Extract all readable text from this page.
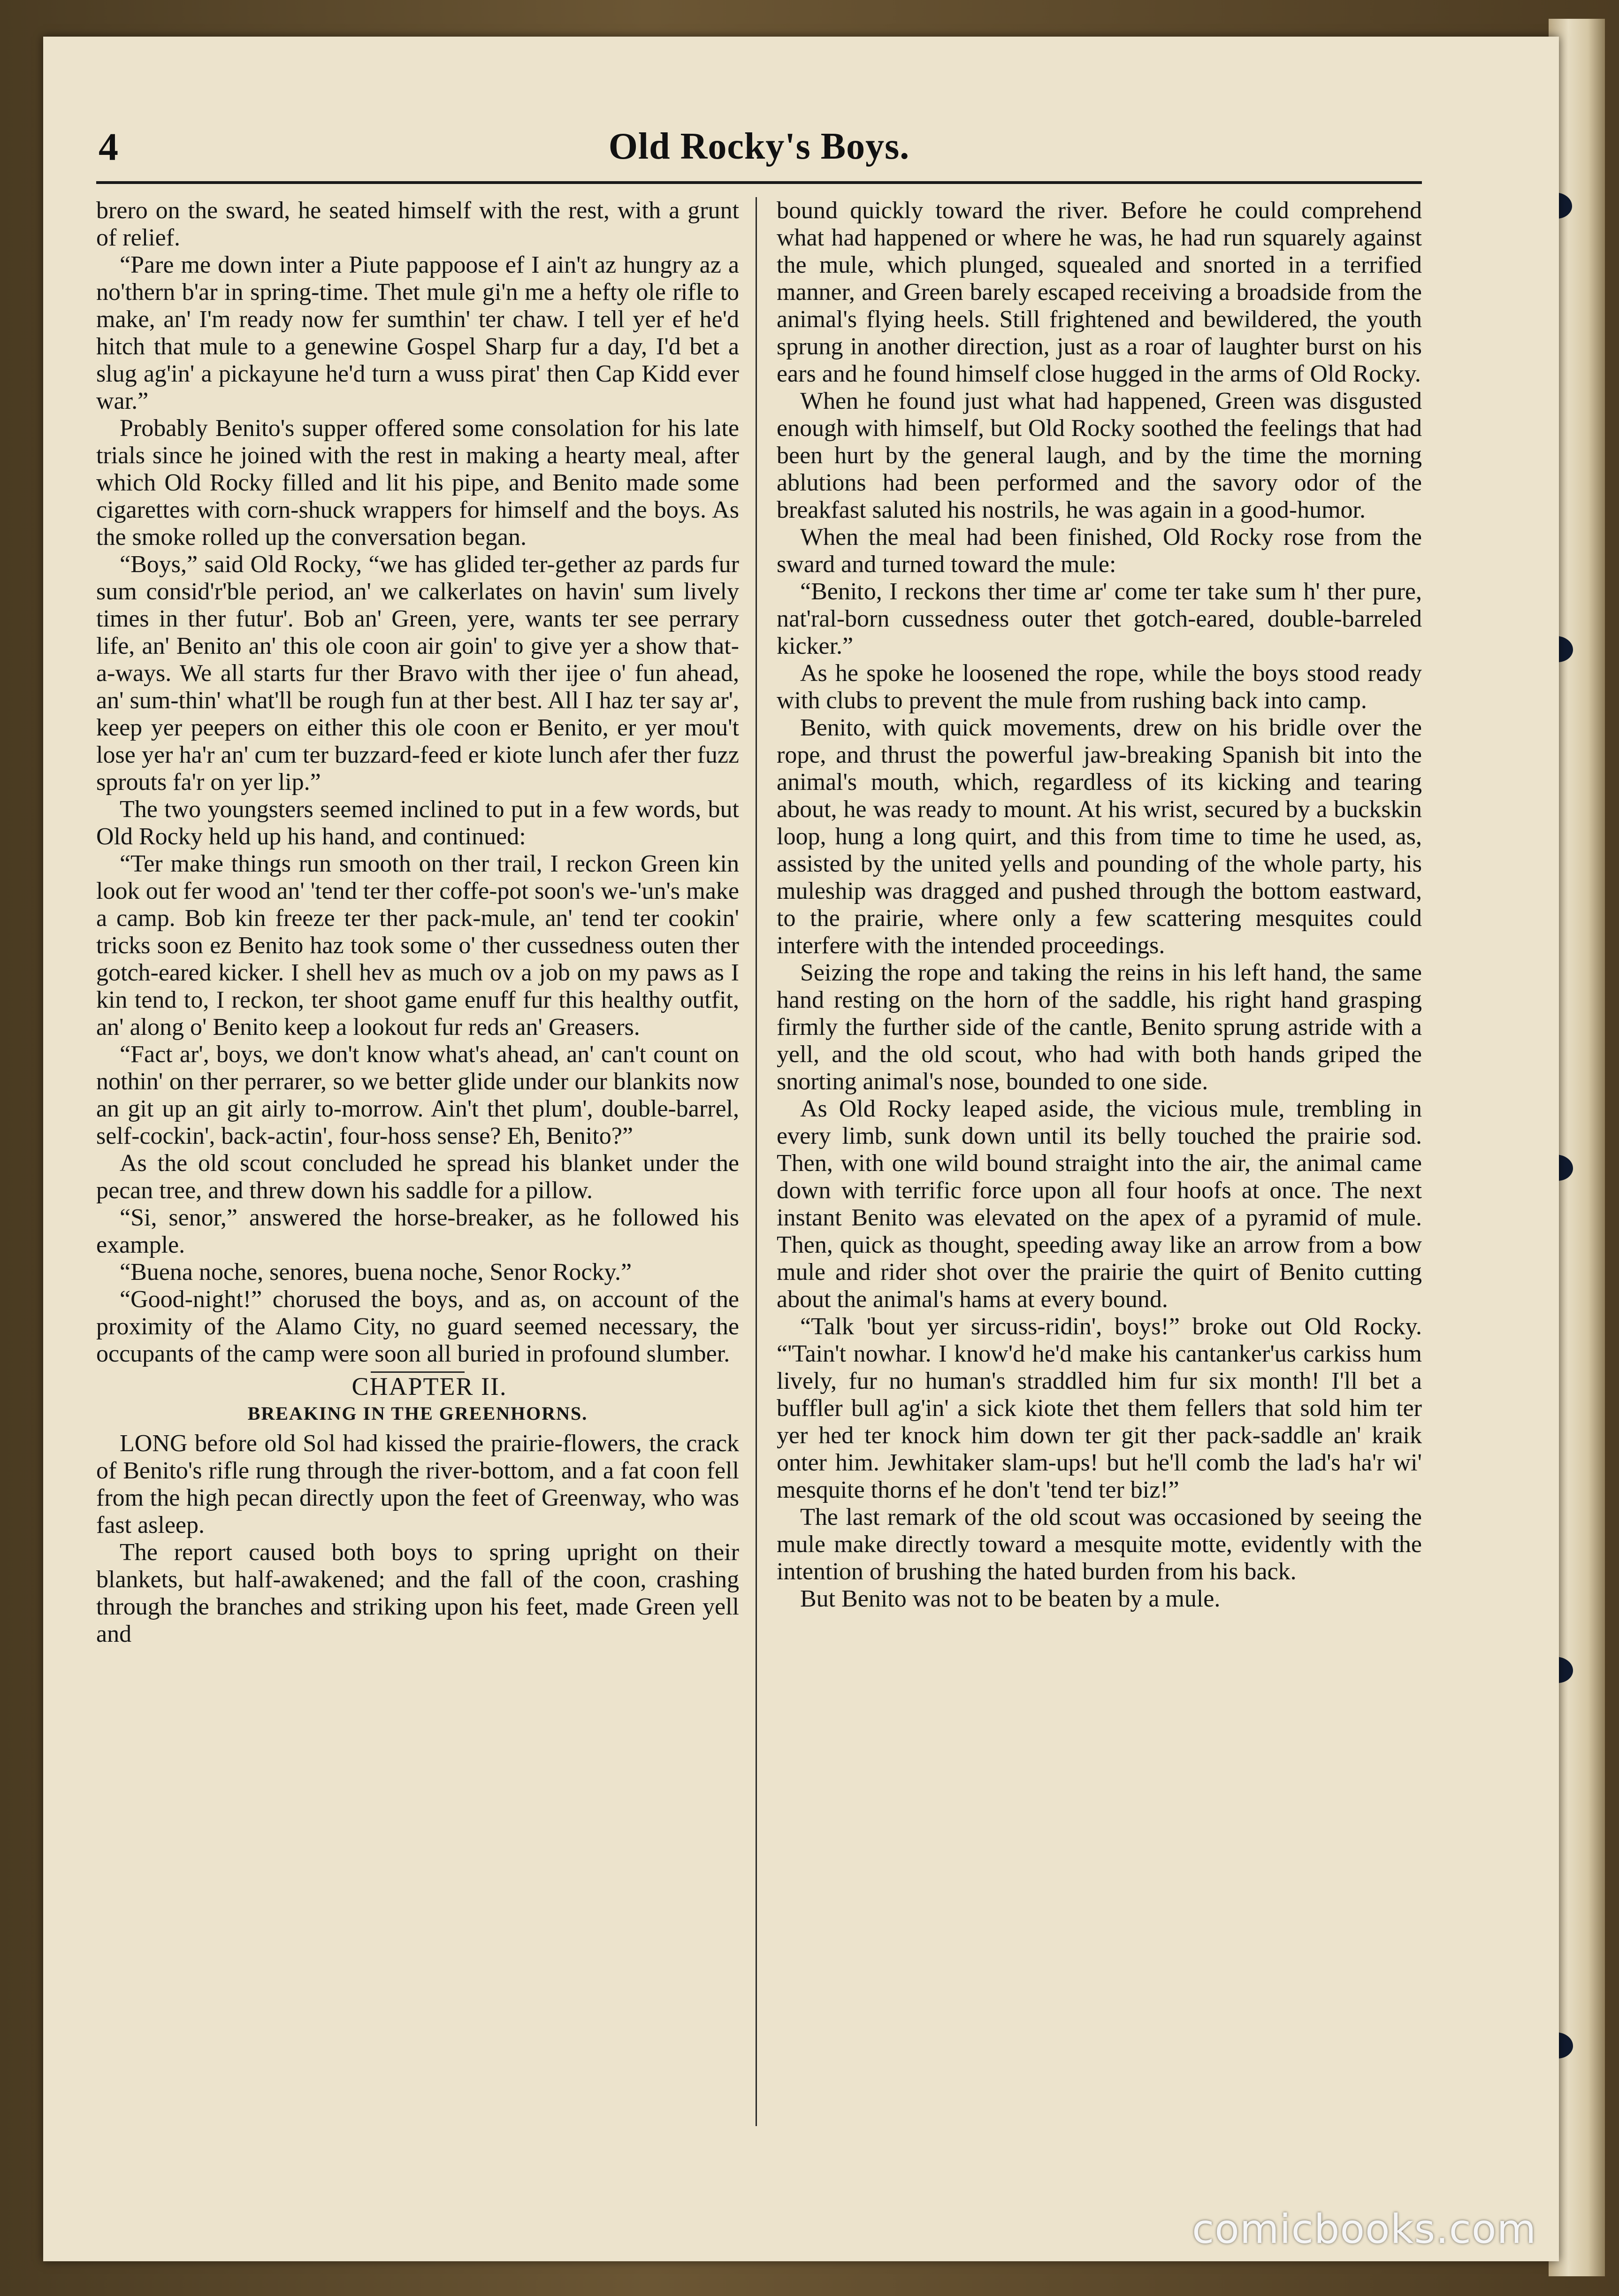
4	Old Rocky's Boys.

brero on the sward, he seated himself with the rest, with a grunt of relief.

“Pare me down inter a Piute pappoose ef I ain't az hungry az a no'thern b'ar in spring-time. Thet mule gi'n me a hefty ole rifle to make, an' I'm ready now fer sumthin' ter chaw. I tell yer ef he'd hitch that mule to a genewine Gospel Sharp fur a day, I'd bet a slug ag'in' a pickayune he'd turn a wuss pirat' then Cap Kidd ever war.”

Probably Benito's supper offered some consolation for his late trials since he joined with the rest in making a hearty meal, after which Old Rocky filled and lit his pipe, and Benito made some cigarettes with corn-shuck wrappers for himself and the boys. As the smoke rolled up the conversation began.

“Boys,” said Old Rocky, “we has glided ter-gether az pards fur sum consid'r'ble period, an' we calkerlates on havin' sum lively times in ther futur'. Bob an' Green, yere, wants ter see perrary life, an' Benito an' this ole coon air goin' to give yer a show that-a-ways. We all starts fur ther Bravo with ther ijee o' fun ahead, an' sum-thin' what'll be rough fun at ther best. All I haz ter say ar', keep yer peepers on either this ole coon er Benito, er yer mou't lose yer ha'r an' cum ter buzzard-feed er kiote lunch afer ther fuzz sprouts fa'r on yer lip.”

The two youngsters seemed inclined to put in a few words, but Old Rocky held up his hand, and continued:

“Ter make things run smooth on ther trail, I reckon Green kin look out fer wood an' 'tend ter ther coffe-pot soon's we-'un's make a camp. Bob kin freeze ter ther pack-mule, an' tend ter cookin' tricks soon ez Benito haz took some o' ther cussedness outen ther gotch-eared kicker. I shell hev as much ov a job on my paws as I kin tend to, I reckon, ter shoot game enuff fur this healthy outfit, an' along o' Benito keep a lookout fur reds an' Greasers.

“Fact ar', boys, we don't know what's ahead, an' can't count on nothin' on ther perrarer, so we better glide under our blankits now an git up an git airly to-morrow. Ain't thet plum', double-barrel, self-cockin', back-actin', four-hoss sense? Eh, Benito?”

As the old scout concluded he spread his blanket under the pecan tree, and threw down his saddle for a pillow.

“Si, senor,” answered the horse-breaker, as he followed his example.

“Buena noche, senores, buena noche, Senor Rocky.”

“Good-night!” chorused the boys, and as, on account of the proximity of the Alamo City, no guard seemed necessary, the occupants of the camp were soon all buried in profound slumber.

CHAPTER II.

BREAKING IN THE GREENHORNS.

LONG before old Sol had kissed the prairie-flowers, the crack of Benito's rifle rung through the river-bottom, and a fat coon fell from the high pecan directly upon the feet of Greenway, who was fast asleep.

The report caused both boys to spring upright on their blankets, but half-awakened; and the fall of the coon, crashing through the branches and striking upon his feet, made Green yell and

bound quickly toward the river. Before he could comprehend what had happened or where he was, he had run squarely against the mule, which plunged, squealed and snorted in a terrified manner, and Green barely escaped receiving a broadside from the animal's flying heels. Still frightened and bewildered, the youth sprung in another direction, just as a roar of laughter burst on his ears and he found himself close hugged in the arms of Old Rocky.

When he found just what had happened, Green was disgusted enough with himself, but Old Rocky soothed the feelings that had been hurt by the general laugh, and by the time the morning ablutions had been performed and the savory odor of the breakfast saluted his nostrils, he was again in a good-humor.

When the meal had been finished, Old Rocky rose from the sward and turned toward the mule:

“Benito, I reckons ther time ar' come ter take sum h' ther pure, nat'ral-born cussedness outer thet gotch-eared, double-barreled kicker.”

As he spoke he loosened the rope, while the boys stood ready with clubs to prevent the mule from rushing back into camp.

Benito, with quick movements, drew on his bridle over the rope, and thrust the powerful jaw-breaking Spanish bit into the animal's mouth, which, regardless of its kicking and tearing about, he was ready to mount. At his wrist, secured by a buckskin loop, hung a long quirt, and this from time to time he used, as, assisted by the united yells and pounding of the whole party, his muleship was dragged and pushed through the bottom eastward, to the prairie, where only a few scattering mesquites could interfere with the intended proceedings.

Seizing the rope and taking the reins in his left hand, the same hand resting on the horn of the saddle, his right hand grasping firmly the further side of the cantle, Benito sprung astride with a yell, and the old scout, who had with both hands griped the snorting animal's nose, bounded to one side.

As Old Rocky leaped aside, the vicious mule, trembling in every limb, sunk down until its belly touched the prairie sod. Then, with one wild bound straight into the air, the animal came down with terrific force upon all four hoofs at once. The next instant Benito was elevated on the apex of a pyramid of mule. Then, quick as thought, speeding away like an arrow from a bow mule and rider shot over the prairie the quirt of Benito cutting about the animal's hams at every bound.

“Talk 'bout yer sircuss-ridin', boys!” broke out Old Rocky. “'Tain't nowhar. I know'd he'd make his cantanker'us carkiss hum lively, fur no human's straddled him fur six month! I'll bet a buffler bull ag'in' a sick kiote thet them fellers that sold him ter yer hed ter knock him down ter git ther pack-saddle an' kraik onter him. Jewhitaker slam-ups! but he'll comb the lad's ha'r wi' mesquite thorns ef he don't 'tend ter biz!”

The last remark of the old scout was occasioned by seeing the mule make directly toward a mesquite motte, evidently with the intention of brushing the hated burden from his back.

But Benito was not to be beaten by a mule.

comicbooks.com
